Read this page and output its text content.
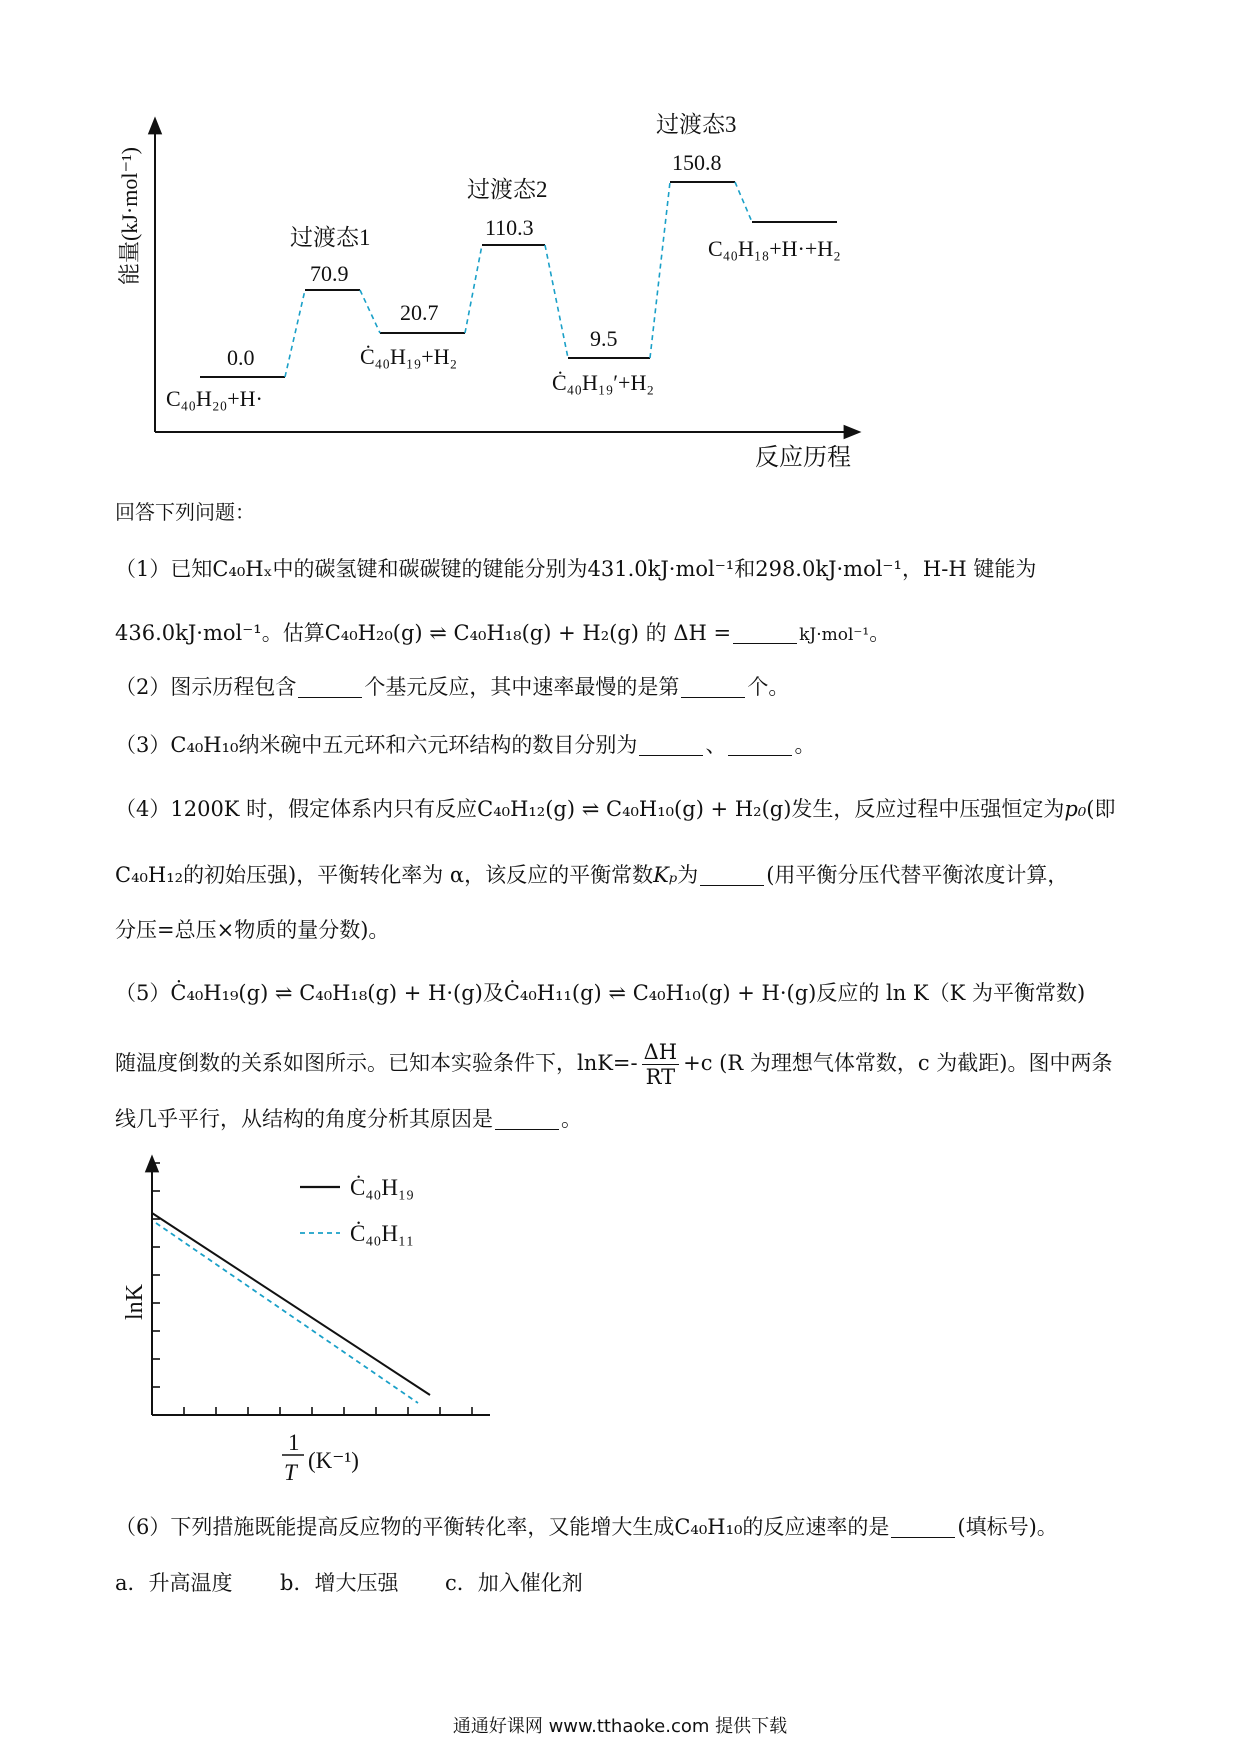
能量(kJ·mol⁻¹)
反应历程
0.0
70.9
20.7
110.3
9.5
150.8
过渡态1
过渡态2
过渡态3
C₄₀H₂₀+H·
Ċ₄₀H₁₉+H₂
Ċ₄₀H₁₉′+H₂
C₄₀H₁₈+H·+H₂
回答下列问题：
（1）已知C₄₀Hₓ中的碳氢键和碳碳键的键能分别为431.0kJ·mol⁻¹和298.0kJ·mol⁻¹，H-H 键能为
436.0kJ·mol⁻¹。估算C₄₀H₂₀(g) ⇌ C₄₀H₁₈(g) + H₂(g) 的 ΔH =	kJ·mol⁻¹。
（2）图示历程包含	个基元反应，其中速率最慢的是第	个。
（3）C₄₀H₁₀纳米碗中五元环和六元环结构的数目分别为	、	。
（4）1200K 时，假定体系内只有反应C₄₀H₁₂(g) ⇌ C₄₀H₁₀(g) + H₂(g)发生，反应过程中压强恒定为p₀(即
C₄₀H₁₂的初始压强)，平衡转化率为 α，该反应的平衡常数Kₚ为	(用平衡分压代替平衡浓度计算，
分压=总压×物质的量分数)。
（5）Ċ₄₀H₁₉(g) ⇌ C₄₀H₁₈(g) + H·(g)及Ċ₄₀H₁₁(g) ⇌ C₄₀H₁₀(g) + H·(g)反应的 ln K（K 为平衡常数)
随温度倒数的关系如图所示。已知本实验条件下，$\ln K=- \frac{\Delta H}{RT} +c$ (R 为理想气体常数，c 为截距)。图中两条
线几乎平行，从结构的角度分析其原因是	。
Ċ₄₀H₁₉
Ċ₄₀H₁₁
lnK
1
T (K⁻¹)
（6）下列措施既能提高反应物的平衡转化率，又能增大生成C₄₀H₁₀的反应速率的是	(填标号)。
a．升高温度 b．增大压强 c．加入催化剂
通通好课网 www.tthaoke.com 提供下载
